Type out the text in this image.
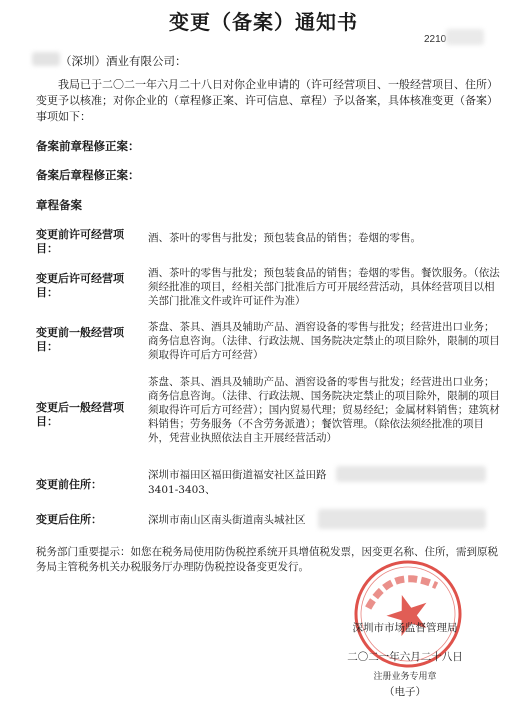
变更（备案）通知书
2210
（深圳）酒业有限公司：
我局已于二〇二一年六月二十八日对你企业申请的（许可经营项目、一般经营项目、住所）变更予以核准；对你企业的（章程修正案、许可信息、章程）予以备案，具体核准变更（备案）事项如下：
备案前章程修正案：
备案后章程修正案：
章程备案
变更前许可经营项目：
酒、茶叶的零售与批发；预包装食品的销售；卷烟的零售。
变更后许可经营项目：
酒、茶叶的零售与批发；预包装食品的销售；卷烟的零售。餐饮服务。（依法须经批准的项目，经相关部门批准后方可开展经营活动，具体经营项目以相关部门批准文件或许可证件为准）
变更前一般经营项目：
茶盘、茶具、酒具及辅助产品、酒窖设备的零售与批发；经营进出口业务；商务信息咨询。（法律、行政法规、国务院决定禁止的项目除外，限制的项目须取得许可后方可经营）
变更后一般经营项目：
茶盘、茶具、酒具及辅助产品、酒窖设备的零售与批发；经营进出口业务；商务信息咨询。（法律、行政法规、国务院决定禁止的项目除外，限制的项目须取得许可后方可经营）；国内贸易代理；贸易经纪；金属材料销售；建筑材料销售；劳务服务（不含劳务派遣）；餐饮管理。（除依法须经批准的项目外，凭营业执照依法自主开展经营活动）
变更前住所：
深圳市福田区福田街道福安社区益田路
3401-3403、
变更后住所：	深圳市南山区南头街道南头城社区
税务部门重要提示：如您在税务局使用防伪税控系统开具增值税发票，因变更名称、住所，需到原税务局主管税务机关办税服务厅办理防伪税控设备变更发行。
深圳市市场监督管理局
二〇二一年六月二十八日
注册业务专用章
（电子）
